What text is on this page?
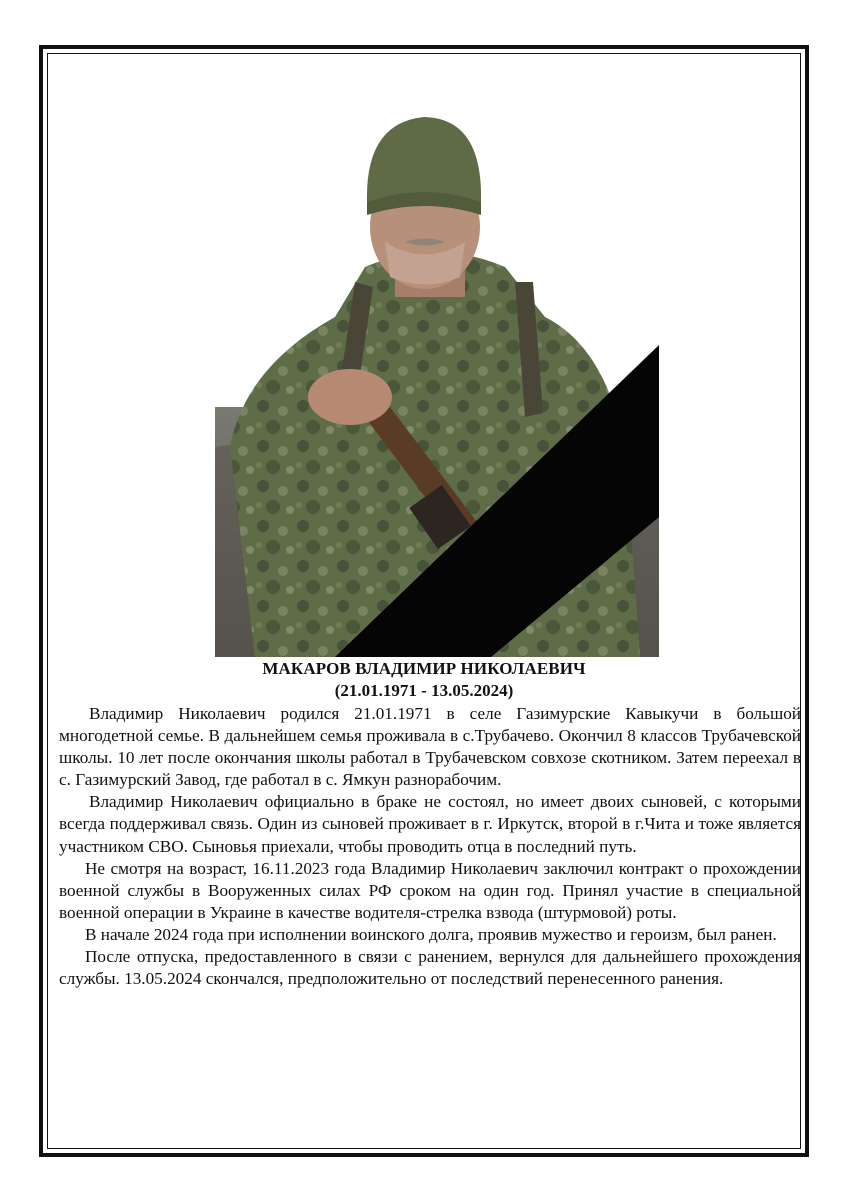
МАКАРОВ ВЛАДИМИР НИКОЛАЕВИЧ
(21.01.1971 - 13.05.2024)

Владимир Николаевич родился 21.01.1971 в селе Газимурские Кавыкучи в большой многодетной семье. В дальнейшем семья проживала в с.Трубачево. Окончил 8 классов Трубачевской школы. 10 лет после окончания школы работал в Трубачевском совхозе скотником. Затем переехал в с. Газимурский Завод, где работал в с. Ямкун разнорабочим.

Владимир Николаевич официально в браке не состоял, но имеет двоих сыновей, с которыми всегда поддерживал связь. Один из сыновей проживает в г. Иркутск, второй в г.Чита и тоже является участником СВО. Сыновья приехали, чтобы проводить отца в последний путь.

Не смотря на возраст, 16.11.2023 года Владимир Николаевич заключил контракт о прохождении военной службы в Вооруженных силах РФ сроком на один год. Принял участие в специальной военной операции в Украине в качестве водителя-стрелка взвода (штурмовой) роты.

В начале 2024 года при исполнении воинского долга, проявив мужество и героизм, был ранен.

После отпуска, предоставленного в связи с ранением, вернулся для дальнейшего прохождения службы. 13.05.2024 скончался, предположительно от последствий перенесенного ранения.
